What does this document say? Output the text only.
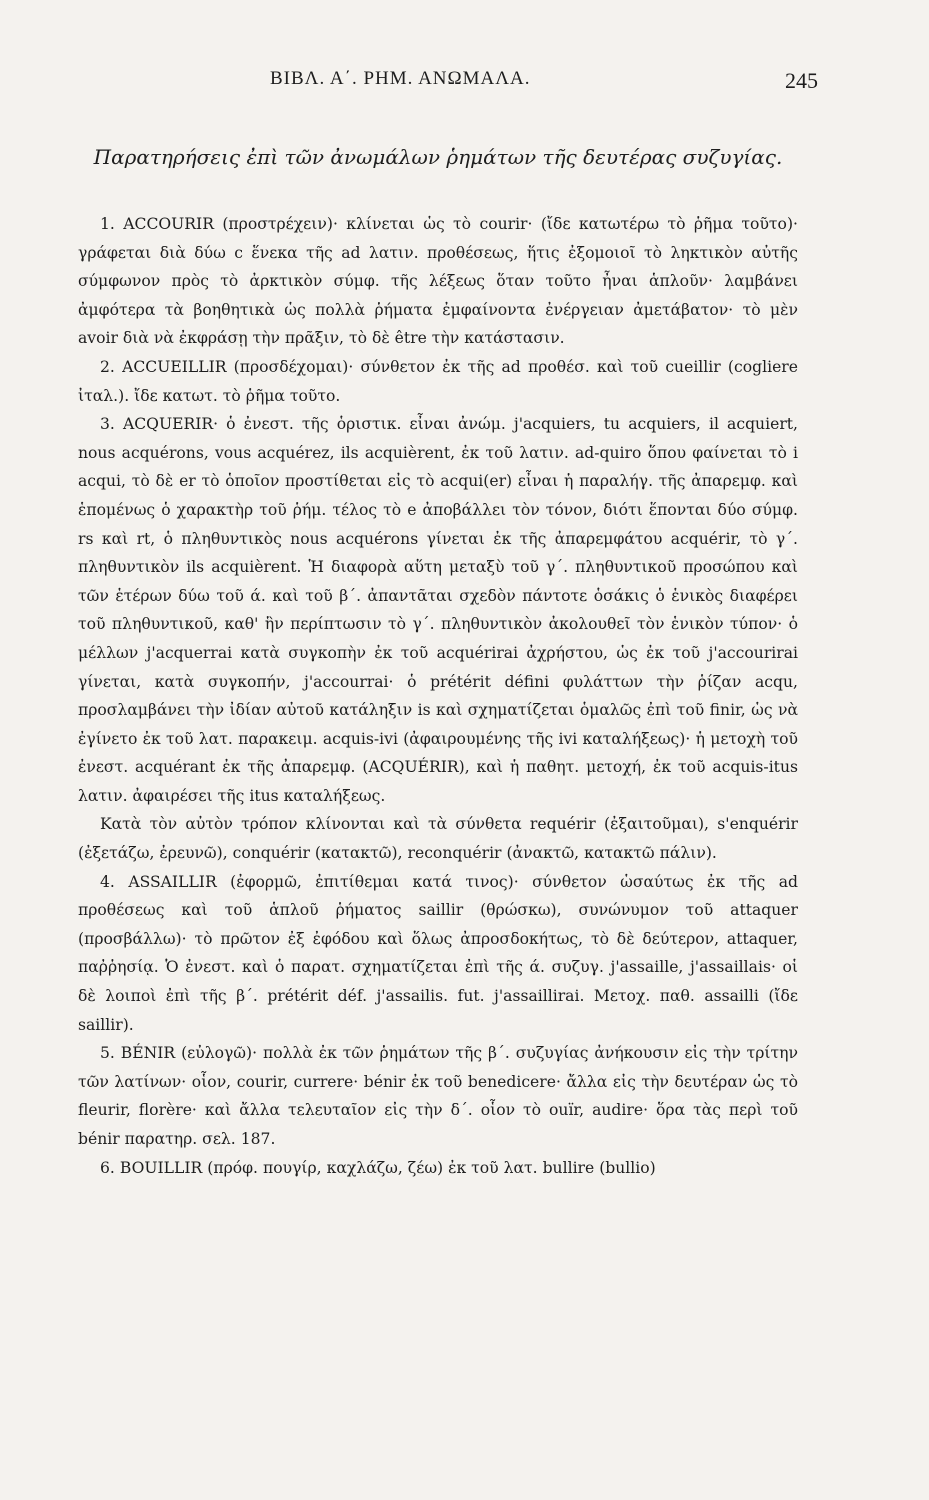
ΒΙΒΛ. Α΄. ΡΗΜ. ΑΝΩΜΑΛΑ.	245
Παρατηρήσεις ἐπὶ τῶν ἀνωμάλων ῥημάτων τῆς δευτέρας συζυγίας.

1. ACCOURIR (προστρέχειν)· κλίνεται ὡς τὸ courir· (ἴδε κατωτέρω τὸ ῥῆμα τοῦτο)· γράφεται διὰ δύω c ἕνεκα τῆς ad λατιν. προθέσεως, ἥτις ἐξομοιοῖ τὸ ληκτικὸν αὐτῆς σύμφωνον πρὸς τὸ ἀρκτικὸν σύμφ. τῆς λέξεως ὅταν τοῦτο ἦναι ἁπλοῦν· λαμβάνει ἀμφότερα τὰ βοηθητικὰ ὡς πολλὰ ῥήματα ἐμφαίνοντα ἐνέργειαν ἀμετάβατον· τὸ μὲν avoir διὰ νὰ ἐκφράσῃ τὴν πρᾶξιν, τὸ δὲ être τὴν κατάστασιν.

2. ACCUEILLIR (προσδέχομαι)· σύνθετον ἐκ τῆς ad προθέσ. καὶ τοῦ cueillir (cogliere ἰταλ.). ἴδε κατωτ. τὸ ῥῆμα τοῦτο.

3. ACQUERIR· ὁ ἐνεστ. τῆς ὁριστικ. εἶναι ἀνώμ. j'acquiers, tu acquiers, il acquiert, nous acquérons, vous acquérez, ils acquièrent, ἐκ τοῦ λατιν. ad-quiro ὅπου φαίνεται τὸ i acqui, τὸ δὲ er τὸ ὁποῖον προστίθεται εἰς τὸ acqui(er) εἶναι ἡ παραλήγ. τῆς ἀπαρεμφ. καὶ ἑπομένως ὁ χαρακτὴρ τοῦ ῥήμ. τέλος τὸ e ἀποβάλλει τὸν τόνον, διότι ἕπονται δύο σύμφ. rs καὶ rt, ὁ πληθυντικὸς nous acquérons γίνεται ἐκ τῆς ἀπαρεμφάτου acquérir, τὸ γ΄. πληθυντικὸν ils acquièrent. Ἡ διαφορὰ αὕτη μεταξὺ τοῦ γ΄. πληθυντικοῦ προσώπου καὶ τῶν ἑτέρων δύω τοῦ ά. καὶ τοῦ β΄. ἀπαντᾶται σχεδὸν πάντοτε ὁσάκις ὁ ἑνικὸς διαφέρει τοῦ πληθυντικοῦ, καθ' ἣν περίπτωσιν τὸ γ΄. πληθυντικὸν ἀκολουθεῖ τὸν ἑνικὸν τύπον· ὁ μέλλων j'acquerrai κατὰ συγκοπὴν ἐκ τοῦ acquérirai ἀχρήστου, ὡς ἐκ τοῦ j'accourirai γίνεται, κατὰ συγκοπήν, j'accourrai· ὁ prétérit défini φυλάττων τὴν ῥίζαν acqu, προσλαμβάνει τὴν ἰδίαν αὐτοῦ κατάληξιν is καὶ σχηματίζεται ὁμαλῶς ἐπὶ τοῦ finir, ὡς νὰ ἐγίνετο ἐκ τοῦ λατ. παρακειμ. acquis-ivi (ἀφαιρουμένης τῆς ivi καταλήξεως)· ἡ μετοχὴ τοῦ ἐνεστ. acquérant ἐκ τῆς ἀπαρεμφ. (ACQUÉRIR), καὶ ἡ παθητ. μετοχή, ἐκ τοῦ acquis-itus λατιν. ἀφαιρέσει τῆς itus καταλήξεως.

Κατὰ τὸν αὐτὸν τρόπον κλίνονται καὶ τὰ σύνθετα requérir (ἐξαιτοῦμαι), s'enquérir (ἐξετάζω, ἐρευνῶ), conquérir (κατακτῶ), reconquérir (ἀνακτῶ, κατακτῶ πάλιν).

4. ASSAILLIR (ἐφορμῶ, ἐπιτίθεμαι κατά τινος)· σύνθετον ὡσαύτως ἐκ τῆς ad προθέσεως καὶ τοῦ ἁπλοῦ ῥήματος saillir (θρώσκω), συνώνυμον τοῦ attaquer (προσβάλλω)· τὸ πρῶτον ἐξ ἐφόδου καὶ ὅλως ἀπροσδοκήτως, τὸ δὲ δεύτερον, attaquer, παῤῥησίᾳ. Ὁ ἐνεστ. καὶ ὁ παρατ. σχηματίζεται ἐπὶ τῆς ά. συζυγ. j'assaille, j'assaillais· οἱ δὲ λοιποὶ ἐπὶ τῆς β΄. prétérit déf. j'assailis. fut. j'assaillirai. Μετοχ. παθ. assailli (ἴδε saillir).

5. BÉNIR (εὐλογῶ)· πολλὰ ἐκ τῶν ῥημάτων τῆς β΄. συζυγίας ἀνήκουσιν εἰς τὴν τρίτην τῶν λατίνων· οἷον, courir, currere· bénir ἐκ τοῦ benedicere· ἄλλα εἰς τὴν δευτέραν ὡς τὸ fleurir, florère· καὶ ἄλλα τελευταῖον εἰς τὴν δ΄. οἷον τὸ ouïr, audire· ὅρα τὰς περὶ τοῦ bénir παρατηρ. σελ. 187.

6. BOUILLIR (πρόφ. πουγίρ, καχλάζω, ζέω) ἐκ τοῦ λατ. bullire (bullio)
